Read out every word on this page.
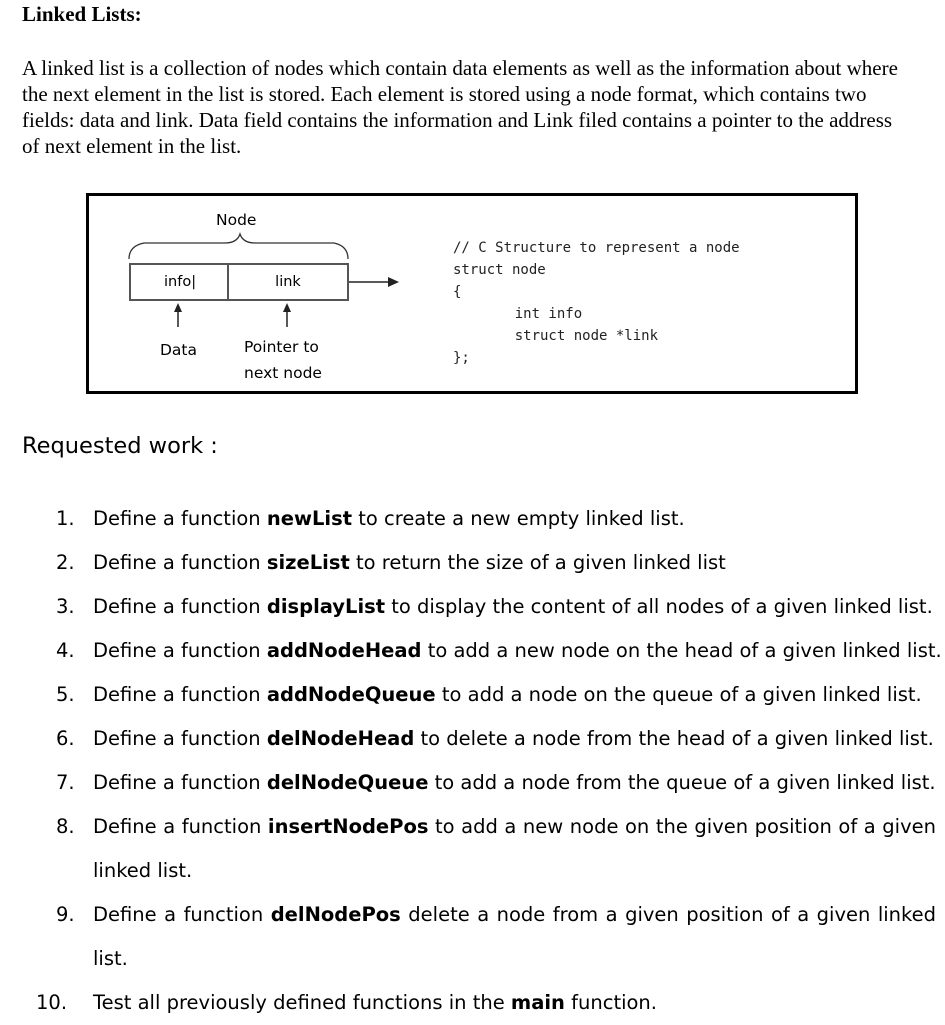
Linked Lists:
A linked list is a collection of nodes which contain data elements as well as the information about where the next element in the list is stored. Each element is stored using a node format, which contains two fields: data and link. Data field contains the information and Link filed contains a pointer to the address of next element in the list.
Node
info|	link
Data	Pointer to
next node
// C Structure to represent a node
struct node
{
int info
struct node *link
};
Requested work :
1. Define a function newList to create a new empty linked list.
2. Define a function sizeList to return the size of a given linked list
3. Define a function displayList to display the content of all nodes of a given linked list.
4. Define a function addNodeHead to add a new node on the head of a given linked list.
5. Define a function addNodeQueue to add a node on the queue of a given linked list.
6. Define a function delNodeHead to delete a node from the head of a given linked list.
7. Define a function delNodeQueue to add a node from the queue of a given linked list.
8. Define a function insertNodePos to add a new node on the given position of a given linked list.
9. Define a function delNodePos delete a node from a given position of a given linked list.
10. Test all previously defined functions in the main function.
